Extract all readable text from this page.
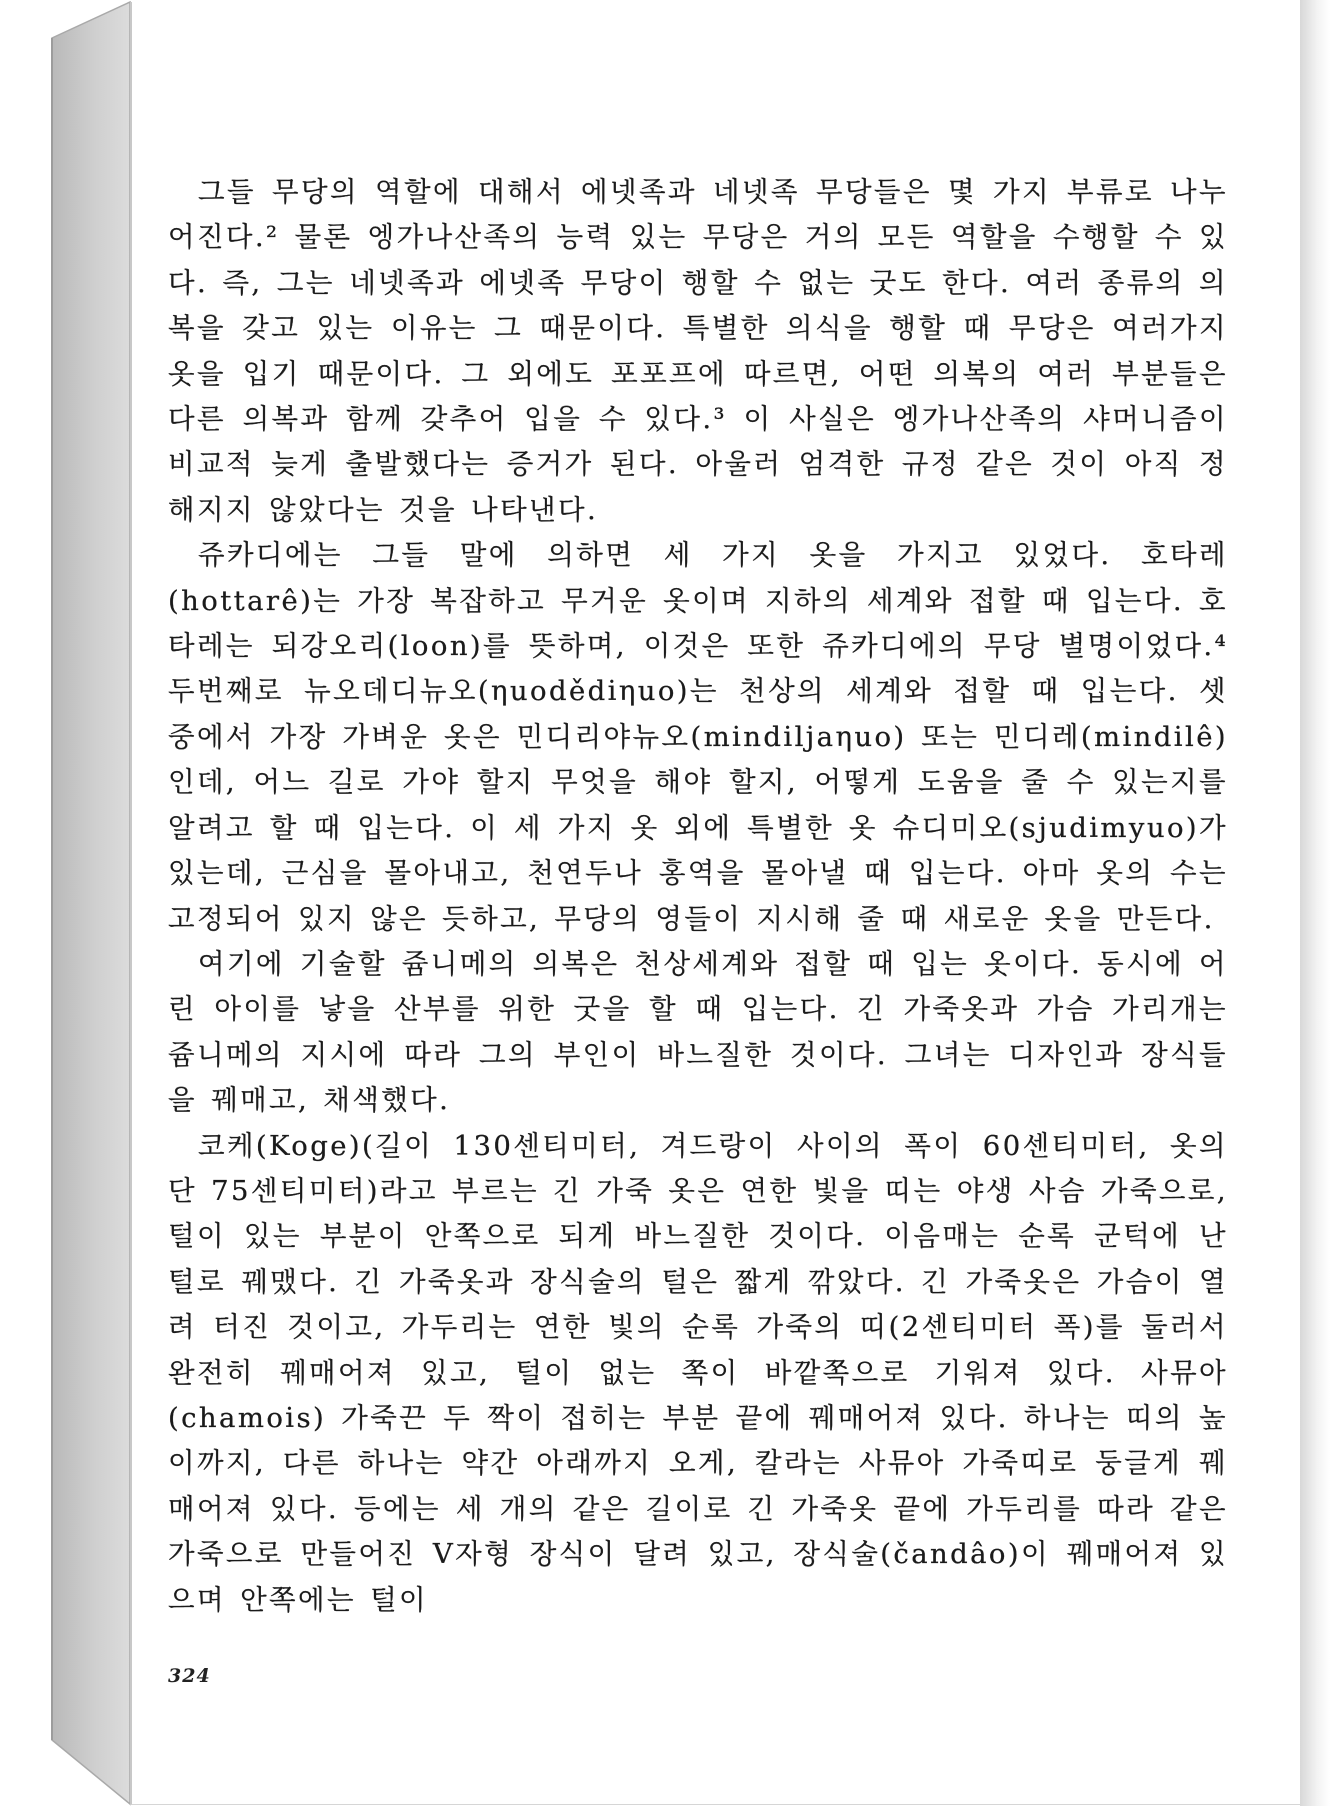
그들 무당의 역할에 대해서 에넷족과 네넷족 무당들은 몇 가지 부류로 나누어진다.² 물론 엥가나산족의 능력 있는 무당은 거의 모든 역할을 수행할 수 있다. 즉, 그는 네넷족과 에넷족 무당이 행할 수 없는 굿도 한다. 여러 종류의 의복을 갖고 있는 이유는 그 때문이다. 특별한 의식을 행할 때 무당은 여러가지 옷을 입기 때문이다. 그 외에도 포포프에 따르면, 어떤 의복의 여러 부분들은 다른 의복과 함께 갖추어 입을 수 있다.³ 이 사실은 엥가나산족의 샤머니즘이 비교적 늦게 출발했다는 증거가 된다. 아울러 엄격한 규정 같은 것이 아직 정해지지 않았다는 것을 나타낸다.

쥬카디에는 그들 말에 의하면 세 가지 옷을 가지고 있었다. 호타레(hottarê)는 가장 복잡하고 무거운 옷이며 지하의 세계와 접할 때 입는다. 호타레는 되강오리(loon)를 뜻하며, 이것은 또한 쥬카디에의 무당 별명이었다.⁴ 두번째로 뉴오데디뉴오(ηuodědiηuo)는 천상의 세계와 접할 때 입는다. 셋 중에서 가장 가벼운 옷은 민디리야뉴오(mindiljaηuo) 또는 민디레(mindilê)인데, 어느 길로 가야 할지 무엇을 해야 할지, 어떻게 도움을 줄 수 있는지를 알려고 할 때 입는다. 이 세 가지 옷 외에 특별한 옷 슈디미오(sjudimyuo)가 있는데, 근심을 몰아내고, 천연두나 홍역을 몰아낼 때 입는다. 아마 옷의 수는 고정되어 있지 않은 듯하고, 무당의 영들이 지시해 줄 때 새로운 옷을 만든다.

여기에 기술할 쥼니메의 의복은 천상세계와 접할 때 입는 옷이다. 동시에 어린 아이를 낳을 산부를 위한 굿을 할 때 입는다. 긴 가죽옷과 가슴 가리개는 쥼니메의 지시에 따라 그의 부인이 바느질한 것이다. 그녀는 디자인과 장식들을 꿰매고, 채색했다.

코케(Koge)(길이 130센티미터, 겨드랑이 사이의 폭이 60센티미터, 옷의 단 75센티미터)라고 부르는 긴 가죽 옷은 연한 빛을 띠는 야생 사슴 가죽으로, 털이 있는 부분이 안쪽으로 되게 바느질한 것이다. 이음매는 순록 군턱에 난 털로 꿰맸다. 긴 가죽옷과 장식술의 털은 짧게 깎았다. 긴 가죽옷은 가슴이 열려 터진 것이고, 가두리는 연한 빛의 순록 가죽의 띠(2센티미터 폭)를 둘러서 완전히 꿰매어져 있고, 털이 없는 쪽이 바깥쪽으로 기워져 있다. 사뮤아(chamois) 가죽끈 두 짝이 접히는 부분 끝에 꿰매어져 있다. 하나는 띠의 높이까지, 다른 하나는 약간 아래까지 오게, 칼라는 사뮤아 가죽띠로 둥글게 꿰매어져 있다. 등에는 세 개의 같은 길이로 긴 가죽옷 끝에 가두리를 따라 같은 가죽으로 만들어진 V자형 장식이 달려 있고, 장식술(čandâo)이 꿰매어져 있으며 안쪽에는 털이

324
